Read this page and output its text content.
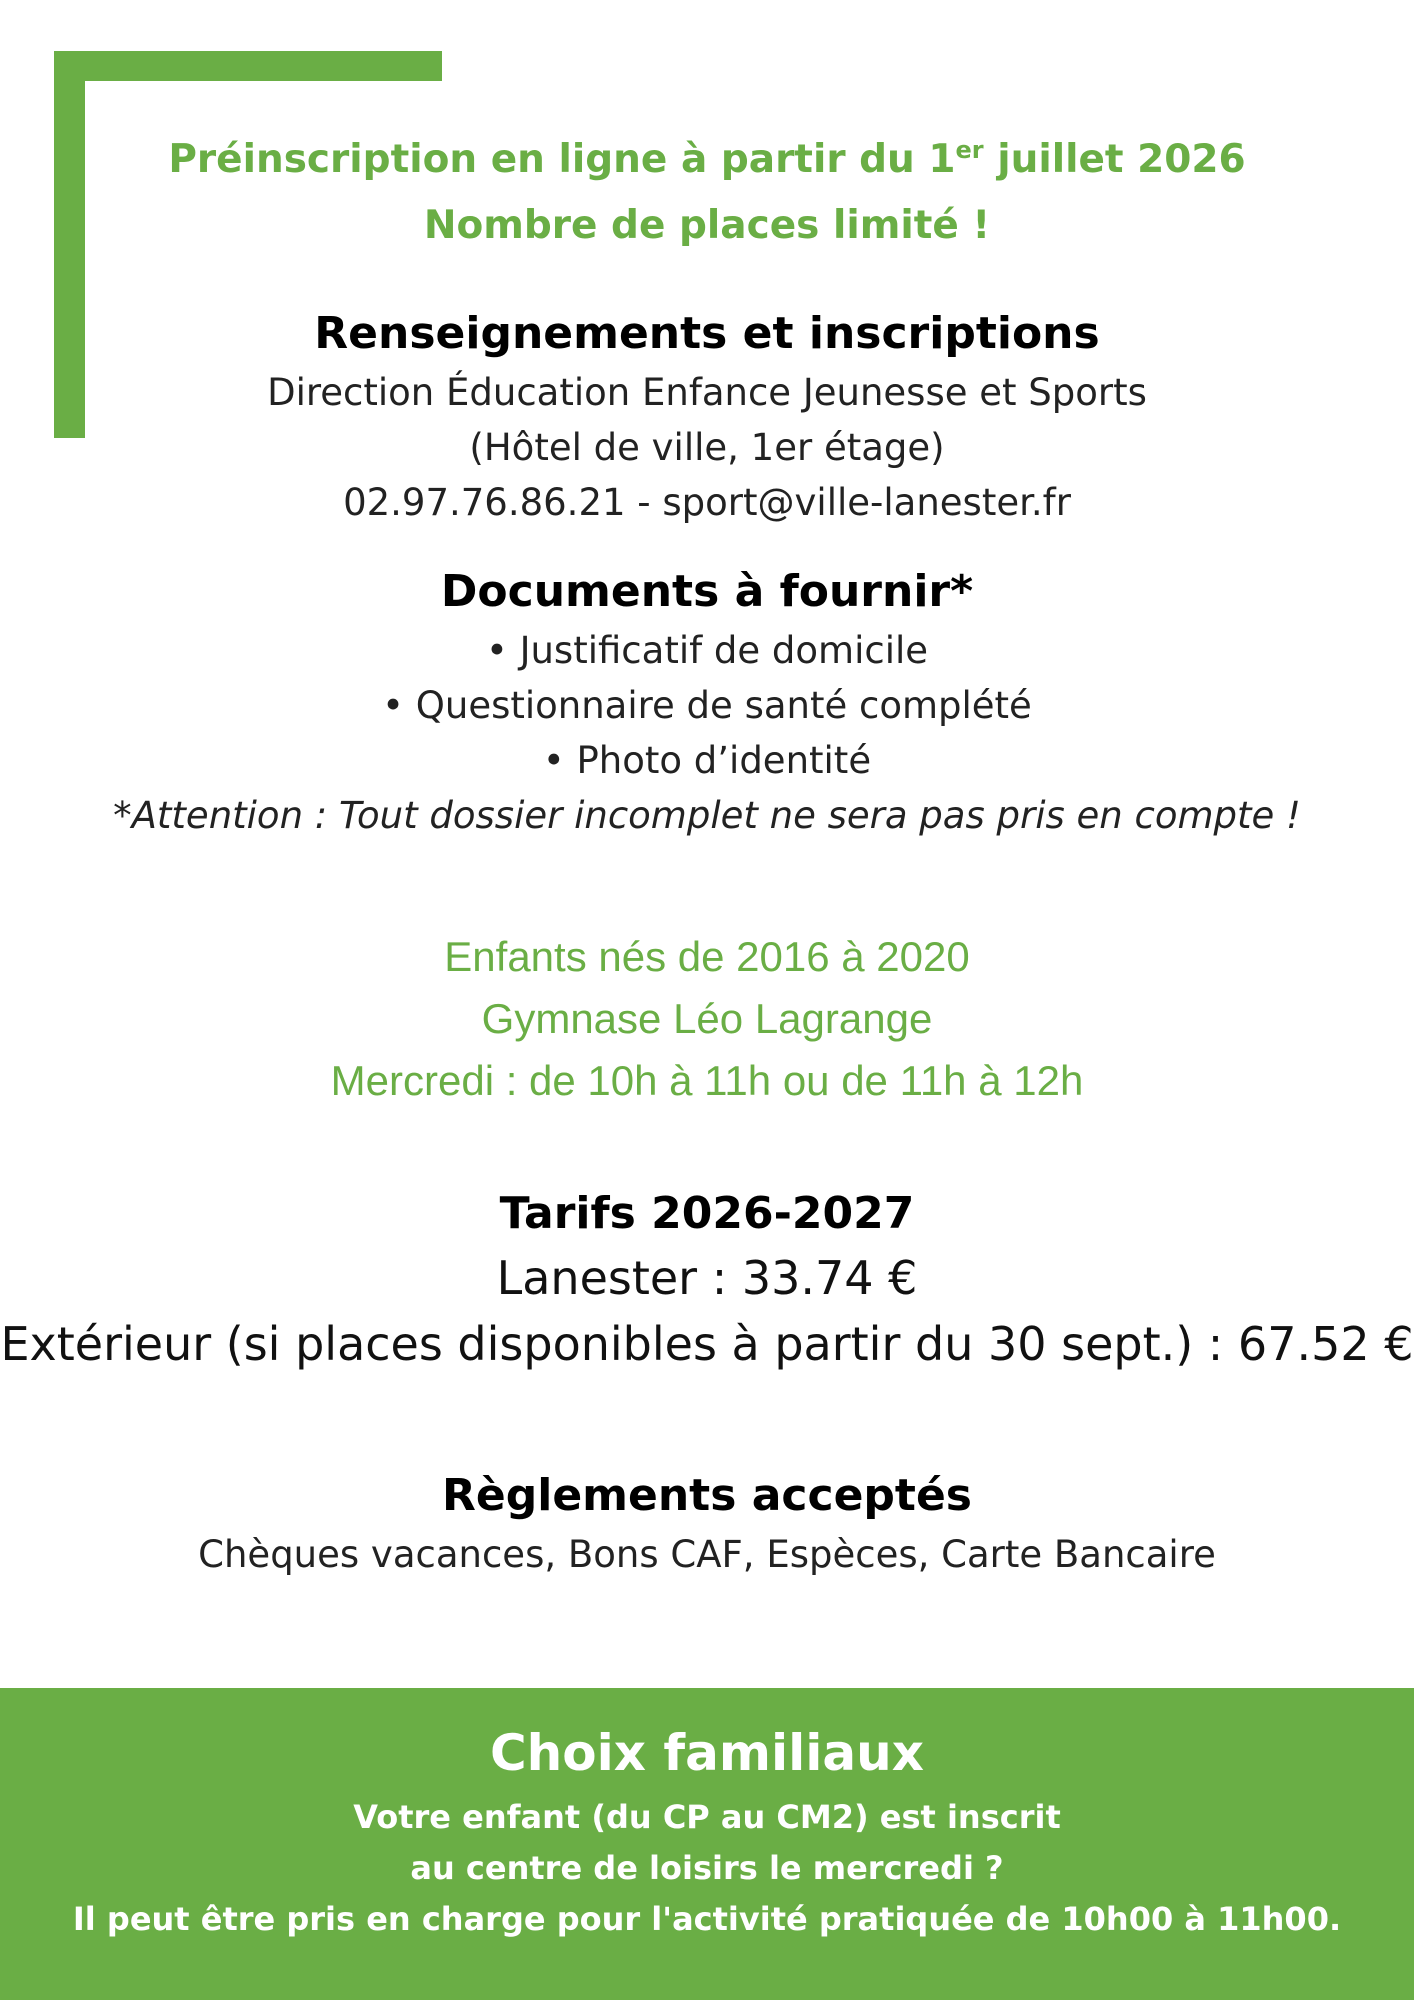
Préinscription en ligne à partir du 1er juillet 2026
Nombre de places limité !
Renseignements et inscriptions
Direction Éducation Enfance Jeunesse et Sports
(Hôtel de ville, 1er étage)
02.97.76.86.21 - sport@ville-lanester.fr
Documents à fournir*
• Justificatif de domicile
• Questionnaire de santé complété
• Photo d’identité
*Attention : Tout dossier incomplet ne sera pas pris en compte !
Enfants nés de 2016 à 2020
Gymnase Léo Lagrange
Mercredi : de 10h à 11h ou de 11h à 12h
Tarifs 2026-2027
Lanester : 33.74 €
Extérieur (si places disponibles à partir du 30 sept.) : 67.52 €
Règlements acceptés
Chèques vacances, Bons CAF, Espèces, Carte Bancaire
Choix familiaux
Votre enfant (du CP au CM2) est inscrit
au centre de loisirs le mercredi ?
Il peut être pris en charge pour l'activité pratiquée de 10h00 à 11h00.
